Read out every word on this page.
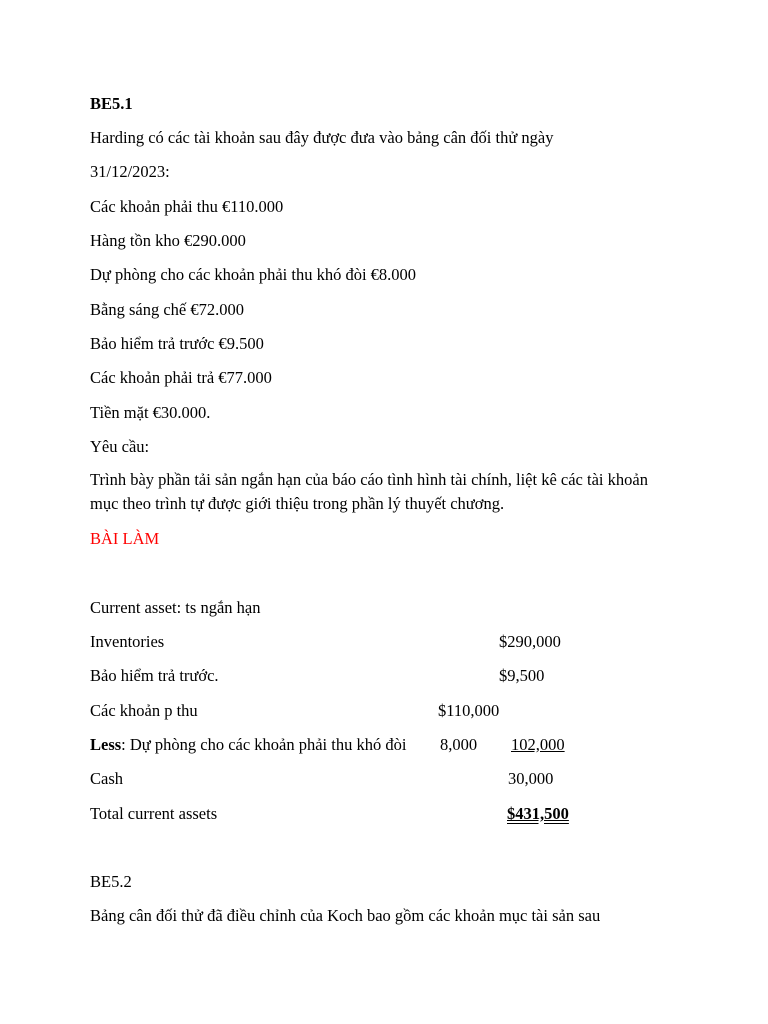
BE5.1
Harding có các tài khoản sau đây được đưa vào bảng cân đối thử ngày
31/12/2023:
Các khoản phải thu €110.000
Hàng tồn kho €290.000
Dự phòng cho các khoản phải thu khó đòi €8.000
Bằng sáng chế €72.000
Bảo hiểm trả trước €9.500
Các khoản phải trả €77.000
Tiền mặt €30.000.
Yêu cầu:
Trình bày phần tải sản ngắn hạn của báo cáo tình hình tài chính, liệt kê các tài khoản mục theo trình tự được giới thiệu trong phần lý thuyết chương.
BÀI LÀM
Current asset: ts ngắn hạn
Inventories	$290,000
Bảo hiểm trả trước.	$9,500
Các khoản p thu	$110,000
Less: Dự phòng cho các khoản phải thu khó đòi 8,000 102,000
Cash	30,000
Total current assets	$431,500
BE5.2
Bảng cân đối thử đã điều chỉnh của Koch bao gồm các khoản mục tài sản sau
